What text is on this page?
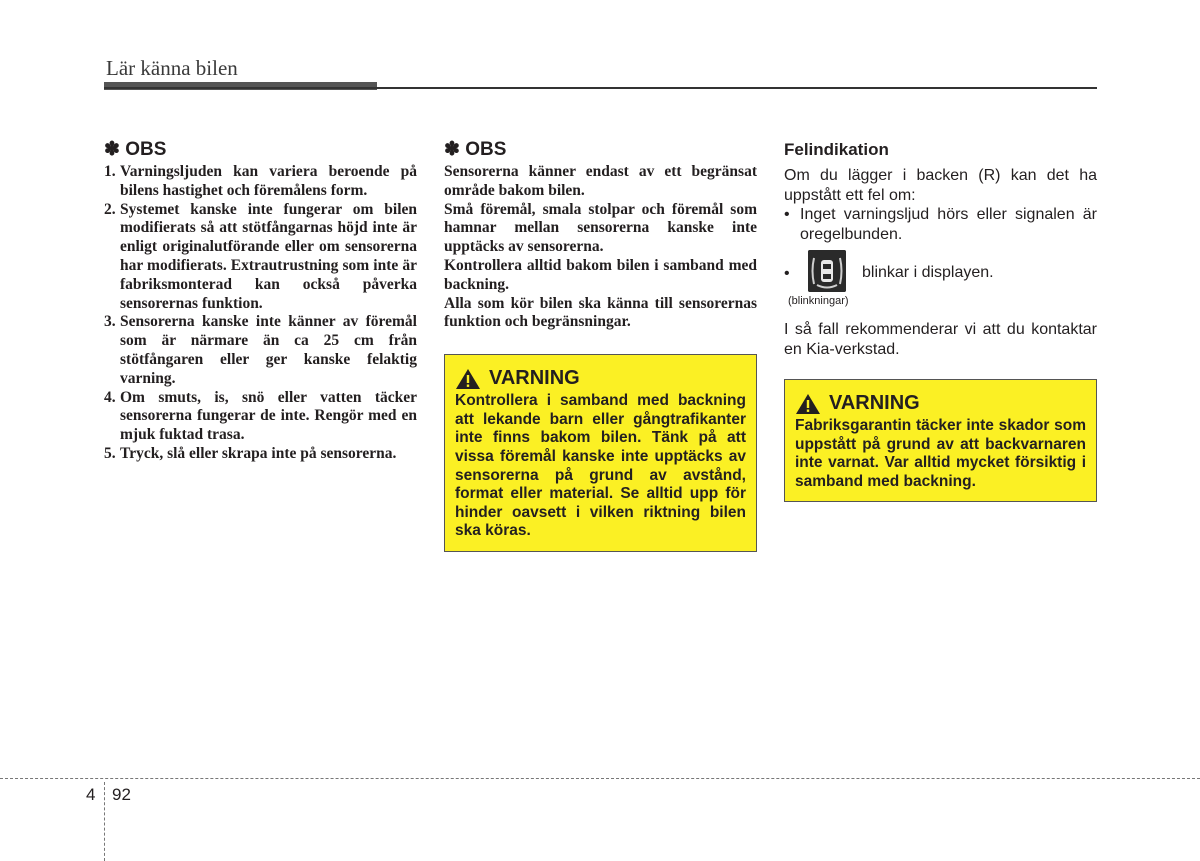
Lär känna bilen
✽ OBS
1. Varningsljuden kan variera beroende på bilens hastighet och föremålens form.
2. Systemet kanske inte fungerar om bilen modifierats så att stötfångarnas höjd inte är enligt originalutförande eller om sensorerna har modifierats. Extrautrustning som inte är fabriksmonterad kan också påverka sensorernas funktion.
3. Sensorerna kanske inte känner av föremål som är närmare än ca 25 cm från stötfångaren eller ger kanske felaktig varning.
4. Om smuts, is, snö eller vatten täcker sensorerna fungerar de inte. Rengör med en mjuk fuktad trasa.
5. Tryck, slå eller skrapa inte på sensorerna.
✽ OBS

Sensorerna känner endast av ett begränsat område bakom bilen.

Små föremål, smala stolpar och föremål som hamnar mellan sensorerna kanske inte upptäcks av sensorerna.

Kontrollera alltid bakom bilen i samband med backning.

Alla som kör bilen ska känna till sensorernas funktion och begränsningar.

VARNING
Kontrollera i samband med backning att lekande barn eller gångtrafikanter inte finns bakom bilen. Tänk på att vissa föremål kanske inte upptäcks av sensorerna på grund av avstånd, format eller material. Se alltid upp för hinder oavsett i vilken riktning bilen ska köras.
Felindikation
Om du lägger i backen (R) kan det ha uppstått ett fel om:
• Inget varningsljud hörs eller signalen är oregelbunden.
•
(blinkningar)
blinkar i displayen.
I så fall rekommenderar vi att du kontaktar en Kia-verkstad.
VARNING
Fabriksgarantin täcker inte skador som uppstått på grund av att backvarnaren inte varnat. Var alltid mycket försiktig i samband med backning.
4 92
